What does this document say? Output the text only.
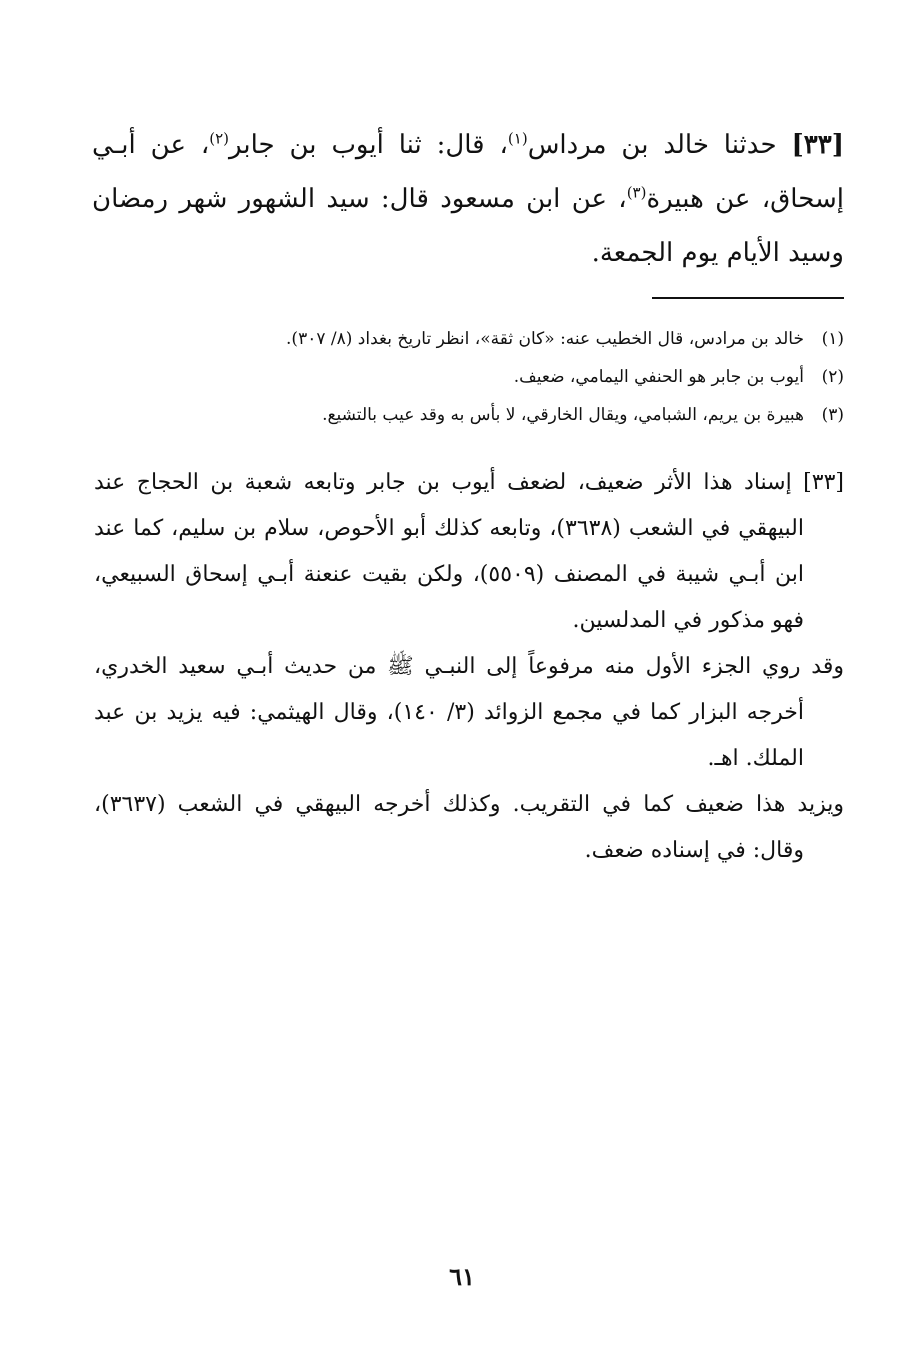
[٣٣] حدثنا خالد بن مرداس$^{(١)}$، قال: ثنا أيوب بن جابر$^{(٢)}$، عن أبـي إسحاق، عن هبيرة$^{(٣)}$، عن ابن مسعود قال: سيد الشهور شهر رمضان وسيد الأيام يوم الجمعة.
(١)
خالد بن مرادس، قال الخطيب عنه: «كان ثقة»، انظر تاريخ بغداد (٨/ ٣٠٧).
(٢)
أيوب بن جابر هو الحنفي اليمامي، ضعيف.
(٣)
هبيرة بن يريم، الشبامي، ويقال الخارقي، لا بأس به وقد عيب بالتشيع.

[٣٣] إسناد هذا الأثر ضعيف، لضعف أيوب بن جابر وتابعه شعبة بن الحجاج عند البيهقي في الشعب (٣٦٣٨)، وتابعه كذلك أبو الأحوص، سلام بن سليم، كما عند ابن أبـي شيبة في المصنف (٥٥٠٩)، ولكن بقيت عنعنة أبـي إسحاق السبيعي، فهو مذكور في المدلسين.

وقد روي الجزء الأول منه مرفوعاً إلى النبـي ﷺ من حديث أبـي سعيد الخدري، أخرجه البزار كما في مجمع الزوائد (٣/ ١٤٠)، وقال الهيثمي: فيه يزيد بن عبد الملك. اهـ.

ويزيد هذا ضعيف كما في التقريب. وكذلك أخرجه البيهقي في الشعب (٣٦٣٧)، وقال: في إسناده ضعف.

٦١
